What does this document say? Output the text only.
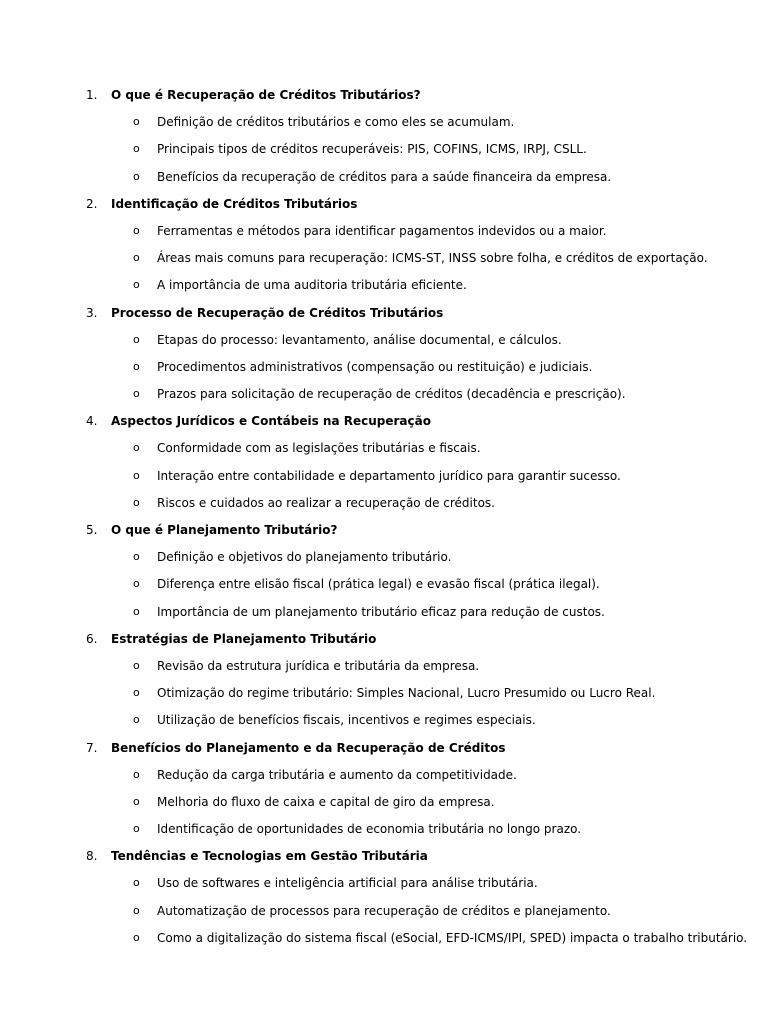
1.	O que é Recuperação de Créditos Tributários?
o Definição de créditos tributários e como eles se acumulam.
o Principais tipos de créditos recuperáveis: PIS, COFINS, ICMS, IRPJ, CSLL.
o Benefícios da recuperação de créditos para a saúde financeira da empresa.
2.	Identificação de Créditos Tributários
o Ferramentas e métodos para identificar pagamentos indevidos ou a maior.
o Áreas mais comuns para recuperação: ICMS-ST, INSS sobre folha, e créditos de exportação.
o A importância de uma auditoria tributária eficiente.
3.	Processo de Recuperação de Créditos Tributários
o Etapas do processo: levantamento, análise documental, e cálculos.
o Procedimentos administrativos (compensação ou restituição) e judiciais.
o Prazos para solicitação de recuperação de créditos (decadência e prescrição).
4.	Aspectos Jurídicos e Contábeis na Recuperação
o Conformidade com as legislações tributárias e fiscais.
o Interação entre contabilidade e departamento jurídico para garantir sucesso.
o Riscos e cuidados ao realizar a recuperação de créditos.
5.	O que é Planejamento Tributário?
o Definição e objetivos do planejamento tributário.
o Diferença entre elisão fiscal (prática legal) e evasão fiscal (prática ilegal).
o Importância de um planejamento tributário eficaz para redução de custos.
6.	Estratégias de Planejamento Tributário
o Revisão da estrutura jurídica e tributária da empresa.
o Otimização do regime tributário: Simples Nacional, Lucro Presumido ou Lucro Real.
o Utilização de benefícios fiscais, incentivos e regimes especiais.
7.	Benefícios do Planejamento e da Recuperação de Créditos
o Redução da carga tributária e aumento da competitividade.
o Melhoria do fluxo de caixa e capital de giro da empresa.
o Identificação de oportunidades de economia tributária no longo prazo.
8.	Tendências e Tecnologias em Gestão Tributária
o Uso de softwares e inteligência artificial para análise tributária.
o Automatização de processos para recuperação de créditos e planejamento.
o Como a digitalização do sistema fiscal (eSocial, EFD-ICMS/IPI, SPED) impacta o trabalho tributário.
